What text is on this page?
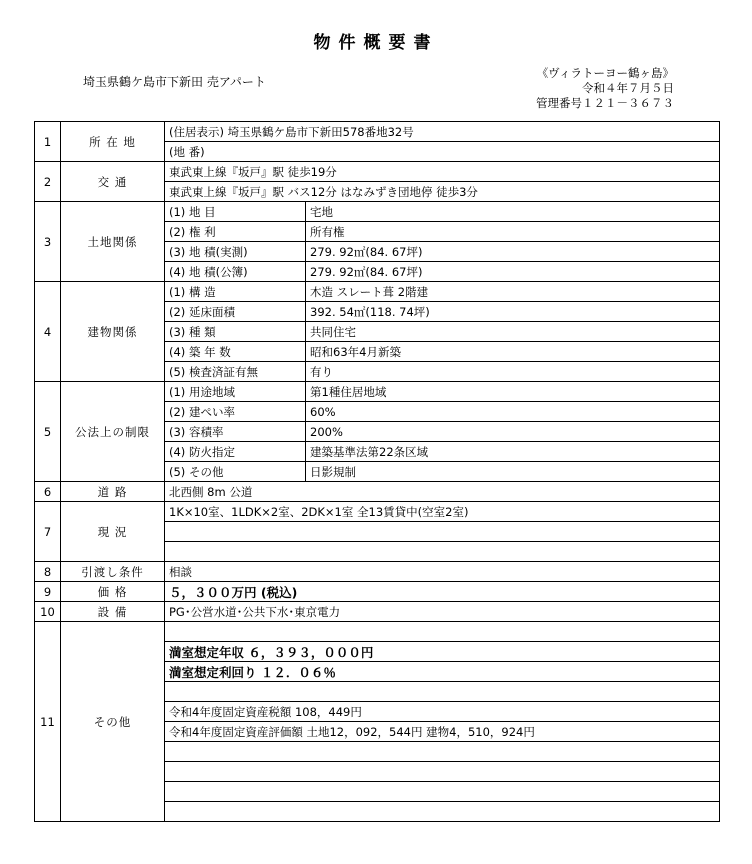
物件概要書
埼玉県鶴ケ島市下新田 売アパート
《ヴィラトーヨー鶴ヶ島》
令和４年７月５日
管理番号１２１－３６７３
1	所 在 地	(住居表示) 埼玉県鶴ケ島市下新田578番地32号	
		(地 番)	
2	交 通	東武東上線『坂戸』駅 徒歩19分	
		東武東上線『坂戸』駅 バス12分 はなみずき団地停 徒歩3分	
3	土地関係	(1) 地 目	宅地
		(2) 権 利	所有権
		(3) 地 積(実測)	279. 92㎡(84. 67坪)
		(4) 地 積(公簿)	279. 92㎡(84. 67坪)
4	建物関係	(1) 構 造	木造 スレート葺 2階建
		(2) 延床面積	392. 54㎡(118. 74坪)
		(3) 種 類	共同住宅
		(4) 築 年 数	昭和63年4月新築
		(5) 検査済証有無	有り
5	公法上の制限	(1) 用途地域	第1種住居地域
		(2) 建ぺい率	60%
		(3) 容積率	200%
		(4) 防火指定	建築基準法第22条区域
		(5) その他	日影規制
6	道 路	北西側 8m 公道	
7	現 況	1K×10室、1LDK×2室、2DK×1室 全13賃貸中(空室2室)	

8	引渡し条件	相談	
9	価 格	５，３００万円 (税込)	
10	設 備	PG･公営水道･公共下水･東京電力	
11	その他		
		満室想定年収 ６，３９３，０００円	
		満室想定利回り １２．０６％	

		令和4年度固定資産税額 108，449円	
		令和4年度固定資産評価額 土地12，092，544円 建物4，510，924円	
